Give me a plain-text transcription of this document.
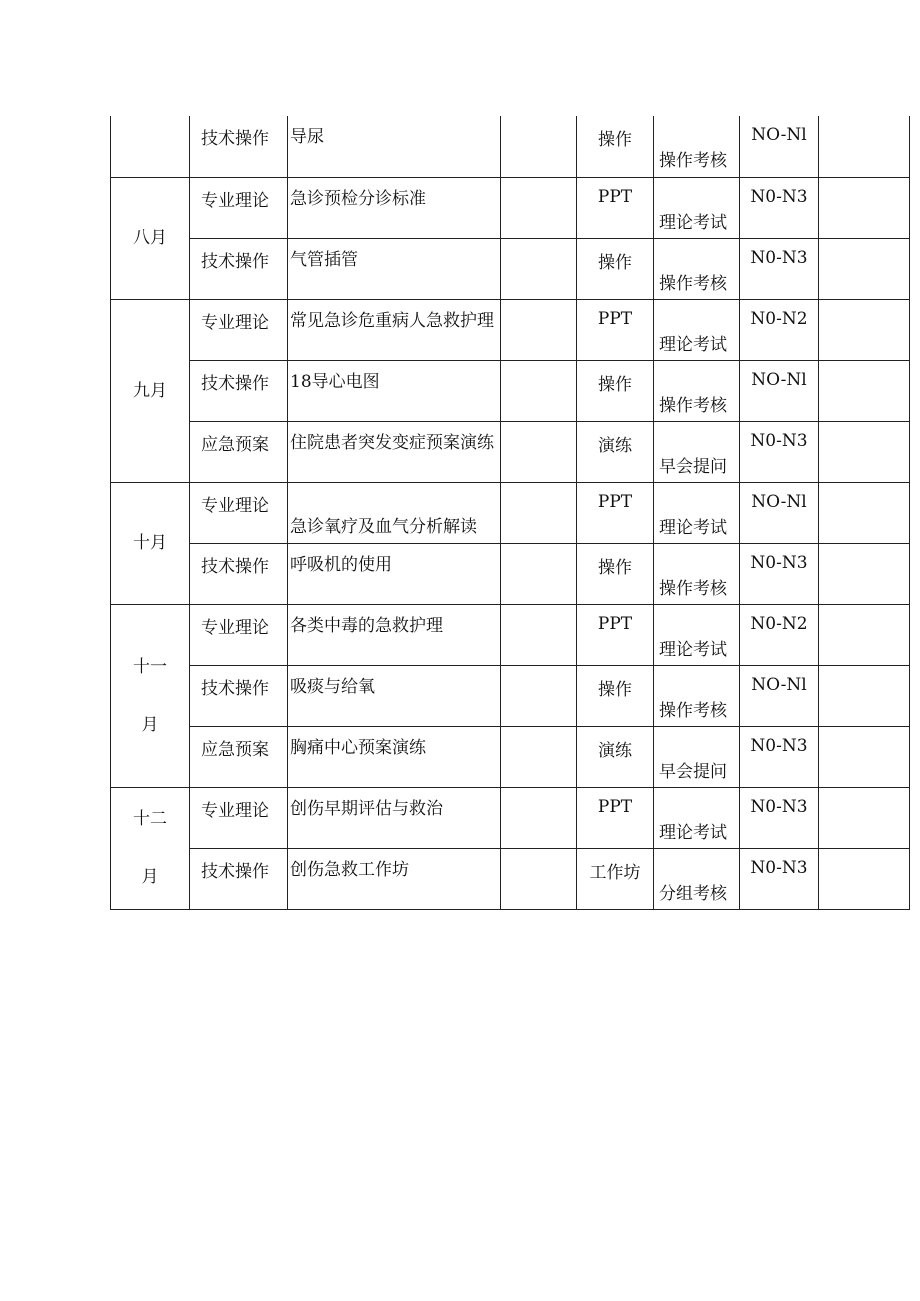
	技术操作	导尿		操作	操作考核	NO-Nl	
八月	专业理论	急诊预检分诊标准		PPT	理论考试	N0-N3	
	技术操作	气管插管		操作	操作考核	N0-N3	
九月	专业理论	常见急诊危重病人急救护理		PPT	理论考试	N0-N2	
	技术操作	18导心电图		操作	操作考核	NO-Nl	
	应急预案	住院患者突发变症预案演练		演练	早会提问	N0-N3	
十月	专业理论	急诊氧疗及血气分析解读		PPT	理论考试	NO-Nl	
	技术操作	呼吸机的使用		操作	操作考核	N0-N3	
十一
月	专业理论	各类中毒的急救护理		PPT	理论考试	N0-N2	
	技术操作	吸痰与给氧		操作	操作考核	NO-Nl	
	应急预案	胸痛中心预案演练		演练	早会提问	N0-N3	
十二
月	专业理论	创伤早期评估与救治		PPT	理论考试	N0-N3	
	技术操作	创伤急救工作坊		工作坊	分组考核	N0-N3	
